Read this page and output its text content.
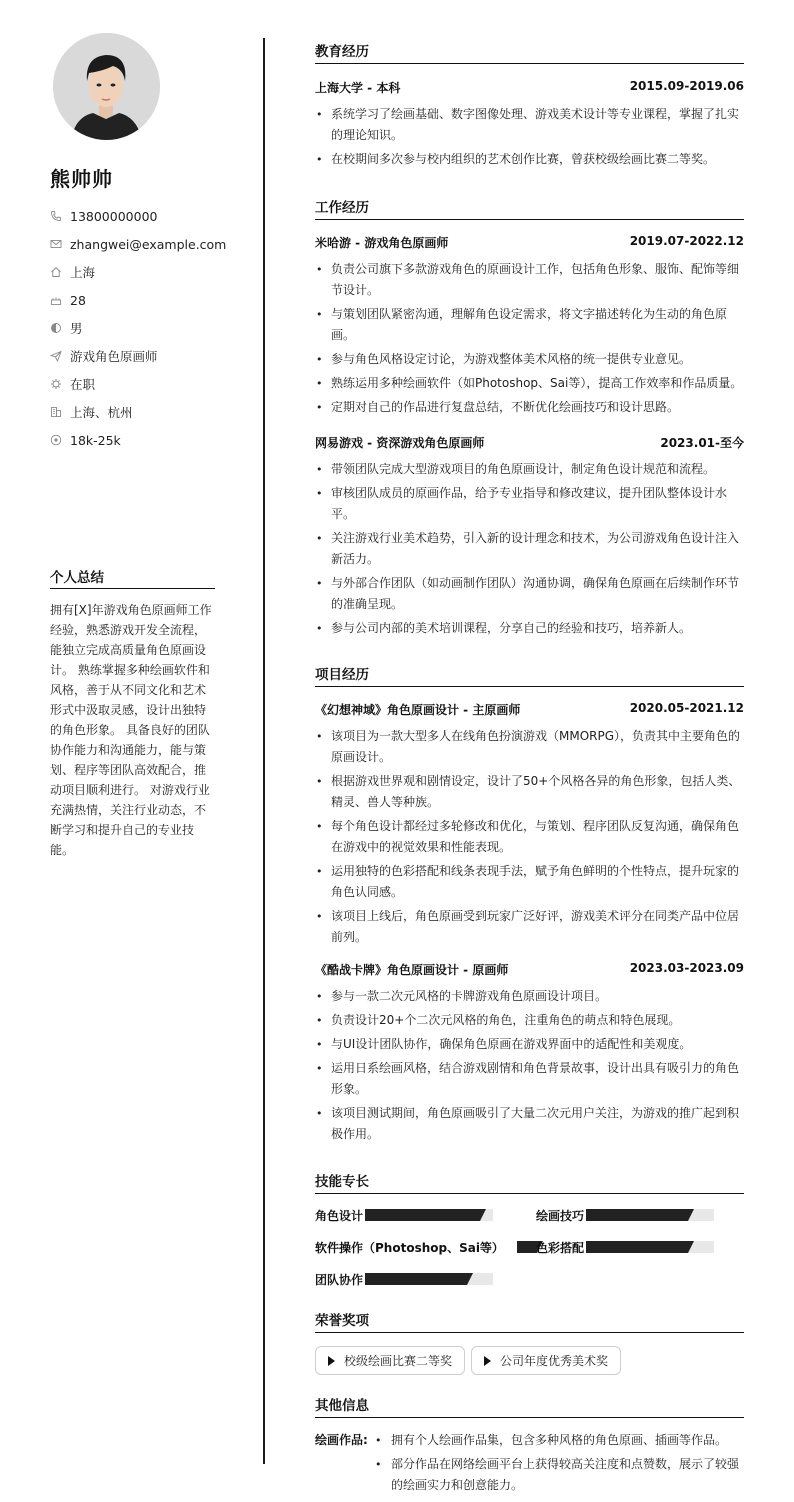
熊帅帅
13800000000
zhangwei@example.com
上海
28
男
游戏角色原画师
在职
上海、杭州
18k-25k
个人总结
拥有[X]年游戏角色原画师工作经验，熟悉游戏开发全流程，能独立完成高质量角色原画设计。 熟练掌握多种绘画软件和风格，善于从不同文化和艺术形式中汲取灵感，设计出独特的角色形象。 具备良好的团队协作能力和沟通能力，能与策划、程序等团队高效配合，推动项目顺利进行。 对游戏行业充满热情，关注行业动态，不断学习和提升自己的专业技能。
教育经历
上海大学 - 本科	2015.09-2019.06
• 系统学习了绘画基础、数字图像处理、游戏美术设计等专业课程，掌握了扎实的理论知识。
• 在校期间多次参与校内组织的艺术创作比赛，曾获校级绘画比赛二等奖。
工作经历
米哈游 - 游戏角色原画师	2019.07-2022.12
• 负责公司旗下多款游戏角色的原画设计工作，包括角色形象、服饰、配饰等细节设计。
• 与策划团队紧密沟通，理解角色设定需求，将文字描述转化为生动的角色原画。
• 参与角色风格设定讨论，为游戏整体美术风格的统一提供专业意见。
• 熟练运用多种绘画软件（如Photoshop、Sai等），提高工作效率和作品质量。
• 定期对自己的作品进行复盘总结，不断优化绘画技巧和设计思路。
网易游戏 - 资深游戏角色原画师	2023.01-至今
• 带领团队完成大型游戏项目的角色原画设计，制定角色设计规范和流程。
• 审核团队成员的原画作品，给予专业指导和修改建议，提升团队整体设计水平。
• 关注游戏行业美术趋势，引入新的设计理念和技术，为公司游戏角色设计注入新活力。
• 与外部合作团队（如动画制作团队）沟通协调，确保角色原画在后续制作环节的准确呈现。
• 参与公司内部的美术培训课程，分享自己的经验和技巧，培养新人。
项目经历
《幻想神域》角色原画设计 - 主原画师	2020.05-2021.12
• 该项目为一款大型多人在线角色扮演游戏（MMORPG），负责其中主要角色的原画设计。
• 根据游戏世界观和剧情设定，设计了50+个风格各异的角色形象，包括人类、精灵、兽人等种族。
• 每个角色设计都经过多轮修改和优化，与策划、程序团队反复沟通，确保角色在游戏中的视觉效果和性能表现。
• 运用独特的色彩搭配和线条表现手法，赋予角色鲜明的个性特点，提升玩家的角色认同感。
• 该项目上线后，角色原画受到玩家广泛好评，游戏美术评分在同类产品中位居前列。
《酷战卡牌》角色原画设计 - 原画师	2023.03-2023.09
• 参与一款二次元风格的卡牌游戏角色原画设计项目。
• 负责设计20+个二次元风格的角色，注重角色的萌点和特色展现。
• 与UI设计团队协作，确保角色原画在游戏界面中的适配性和美观度。
• 运用日系绘画风格，结合游戏剧情和角色背景故事，设计出具有吸引力的角色形象。
• 该项目测试期间，角色原画吸引了大量二次元用户关注，为游戏的推广起到积极作用。
技能专长
角色设计	绘画技巧
软件操作（Photoshop、Sai等）	色彩搭配
团队协作
荣誉奖项
校级绘画比赛二等奖	公司年度优秀美术奖
其他信息
绘画作品:
•	拥有个人绘画作品集，包含多种风格的角色原画、插画等作品。
• 部分作品在网络绘画平台上获得较高关注度和点赞数，展示了较强的绘画实力和创意能力。
